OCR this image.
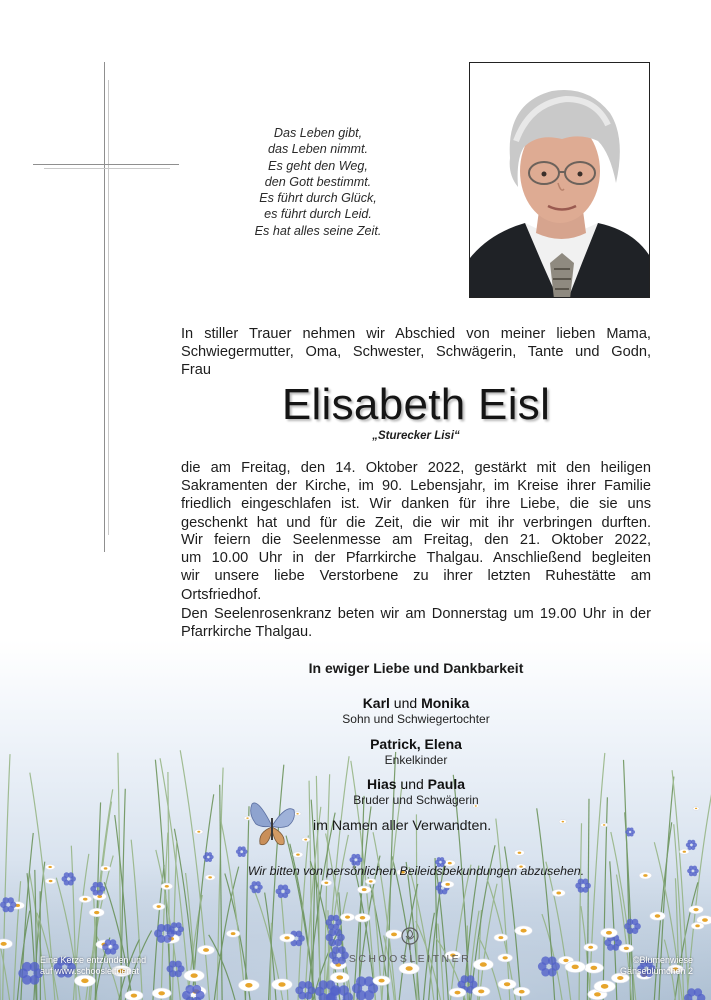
Das Leben gibt,
das Leben nimmt.
Es geht den Weg,
den Gott bestimmt.
Es führt durch Glück,
es führt durch Leid.
Es hat alles seine Zeit.
In stiller Trauer nehmen wir Abschied von meiner lieben Mama,
Schwiegermutter, Oma, Schwester, Schwägerin, Tante und Godn,
Frau
Elisabeth Eisl
„Sturecker Lisi“
die am Freitag, den 14. Oktober 2022, gestärkt mit den heiligen
Sakramenten der Kirche, im 90. Lebensjahr, im Kreise ihrer Familie
friedlich eingeschlafen ist. Wir danken für ihre Liebe, die sie uns
geschenkt hat und für die Zeit, die wir mit ihr verbringen durften.
Wir feiern die Seelenmesse am Freitag, den 21. Oktober 2022,
um 10.00 Uhr in der Pfarrkirche Thalgau. Anschließend begleiten
wir unsere liebe Verstorbene zu ihrer letzten Ruhestätte am
Ortsfriedhof.
Den Seelenrosenkranz beten wir am Donnerstag um 19.00 Uhr in der
Pfarrkirche Thalgau.
In ewiger Liebe und Dankbarkeit
Karl und Monika
Sohn und Schwiegertochter
Patrick, Elena
Enkelkinder
Hias und Paula
Bruder und Schwägerin
im Namen aller Verwandten.
Wir bitten von persönlichen Beileidsbekundungen abzusehen.
Eine Kerze entzünden und
auf www.schoosleitner.at
SCHOOSLEITNER	©Blumenwiese
Gänseblümchen 2
